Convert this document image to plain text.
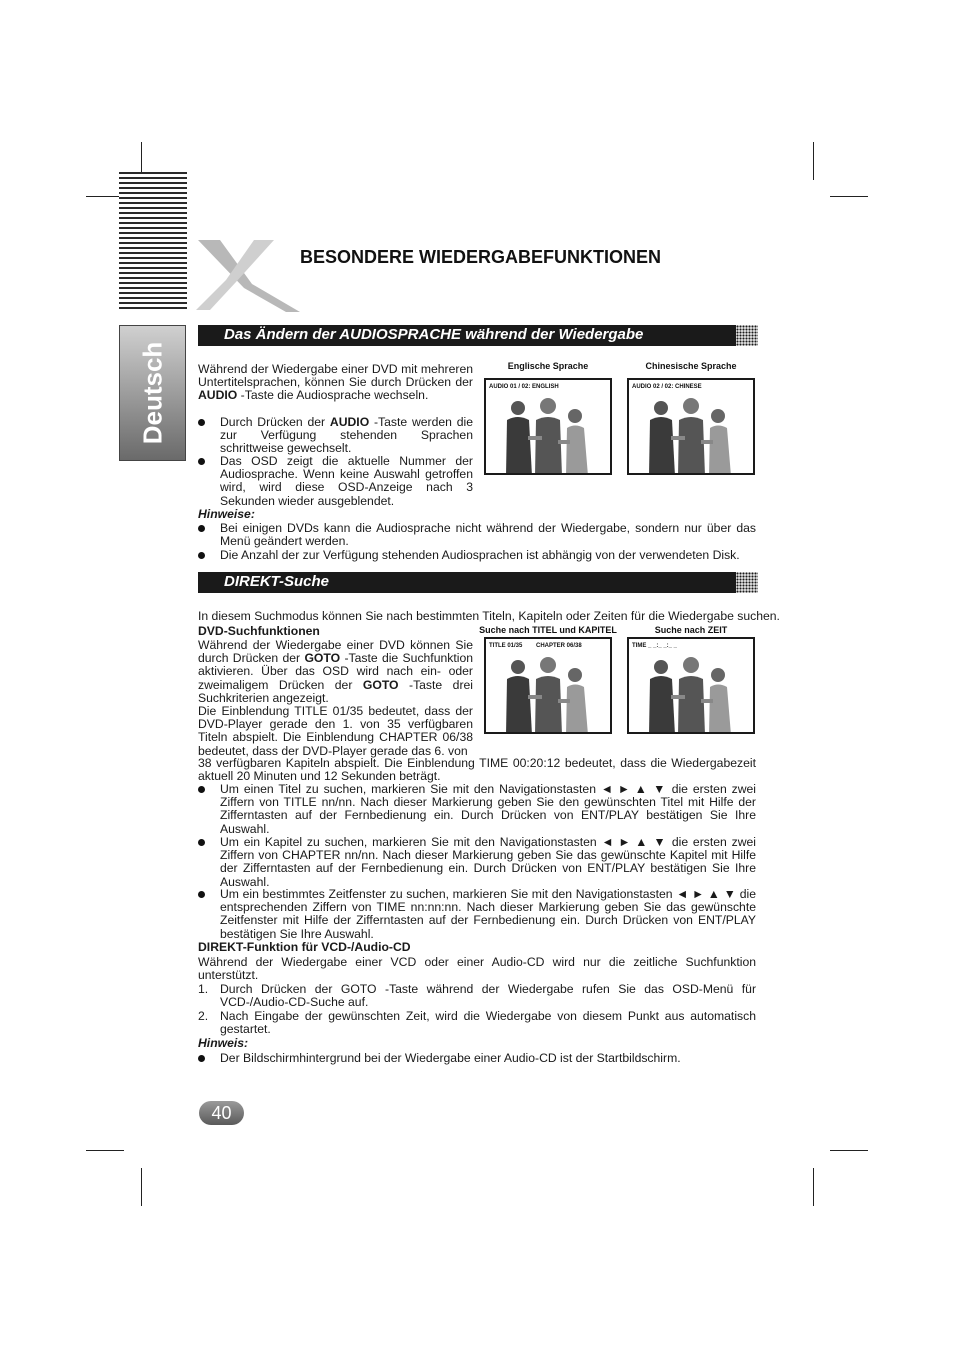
Deutsch
BESONDERE WIEDERGABEFUNKTIONEN
Das Ändern der AUDIOSPRACHE während der Wiedergabe
Während der Wiedergabe einer DVD mit mehreren Untertitelsprachen, können Sie durch Drücken der AUDIO -Taste die Audiosprache wechseln.
Durch Drücken der AUDIO -Taste werden die zur Verfügung stehenden Sprachen schrittweise gewechselt.
Das OSD zeigt die aktuelle Nummer der Audiosprache. Wenn keine Auswahl getroffen wird, wird diese OSD-Anzeige nach 3 Sekunden wieder ausgeblendet.
Englische Sprache	Chinesische Sprache
AUDIO 01 / 02: ENGLISH	AUDIO 02 / 02: CHINESE
Hinweise:
Bei einigen DVDs kann die Audiosprache nicht während der Wiedergabe, sondern nur über das Menü geändert werden.
Die Anzahl der zur Verfügung stehenden Audiosprachen ist abhängig von der verwendeten Disk.
DIREKT-Suche
In diesem Suchmodus können Sie nach bestimmten Titeln, Kapiteln oder Zeiten für die Wiedergabe suchen.
DVD-Suchfunktionen
Während der Wiedergabe einer DVD können Sie durch Drücken der GOTO -Taste die Suchfunktion aktivieren. Über das OSD wird nach ein- oder zweimaligem Drücken der GOTO -Taste drei Suchkriterien angezeigt.
Die Einblendung TITLE 01/35 bedeutet, dass der DVD-Player gerade den 1. von 35 verfügbaren Titeln abspielt. Die Einblendung CHAPTER 06/38 bedeutet, dass der DVD-Player gerade das 6. von
38 verfügbaren Kapiteln abspielt. Die Einblendung TIME 00:20:12 bedeutet, dass die Wiedergabezeit aktuell 20 Minuten und 12 Sekunden beträgt.
Suche nach TITEL und KAPITEL	Suche nach ZEIT
TITLE 01/35 CHAPTER 06/38	TIME _ _:_ _:_ _
Um einen Titel zu suchen, markieren Sie mit den Navigationstasten ◄ ► ▲ ▼ die ersten zwei Ziffern von TITLE nn/nn. Nach dieser Markierung geben Sie den gewünschten Titel mit Hilfe der Zifferntasten auf der Fernbedienung ein. Durch Drücken von ENT/PLAY bestätigen Sie Ihre Auswahl.
Um ein Kapitel zu suchen, markieren Sie mit den Navigationstasten ◄ ► ▲ ▼ die ersten zwei Ziffern von CHAPTER nn/nn. Nach dieser Markierung geben Sie das gewünschte Kapitel mit Hilfe der Zifferntasten auf der Fernbedienung ein. Durch Drücken von ENT/PLAY bestätigen Sie Ihre Auswahl.
Um ein bestimmtes Zeitfenster zu suchen, markieren Sie mit den Navigationstasten ◄ ► ▲ ▼ die entsprechenden Ziffern von TIME nn:nn:nn. Nach dieser Markierung geben Sie das gewünschte Zeitfenster mit Hilfe der Zifferntasten auf der Fernbedienung ein. Durch Drücken von ENT/PLAY bestätigen Sie Ihre Auswahl.
DIREKT-Funktion für VCD-/Audio-CD
Während der Wiedergabe einer VCD oder einer Audio-CD wird nur die zeitliche Suchfunktion unterstützt.
1. Durch Drücken der GOTO -Taste während der Wiedergabe rufen Sie das OSD-Menü für VCD-/Audio-CD-Suche auf.
2. Nach Eingabe der gewünschten Zeit, wird die Wiedergabe von diesem Punkt aus automatisch gestartet.
Hinweis:
Der Bildschirmhintergrund bei der Wiedergabe einer Audio-CD ist der Startbildschirm.
40
